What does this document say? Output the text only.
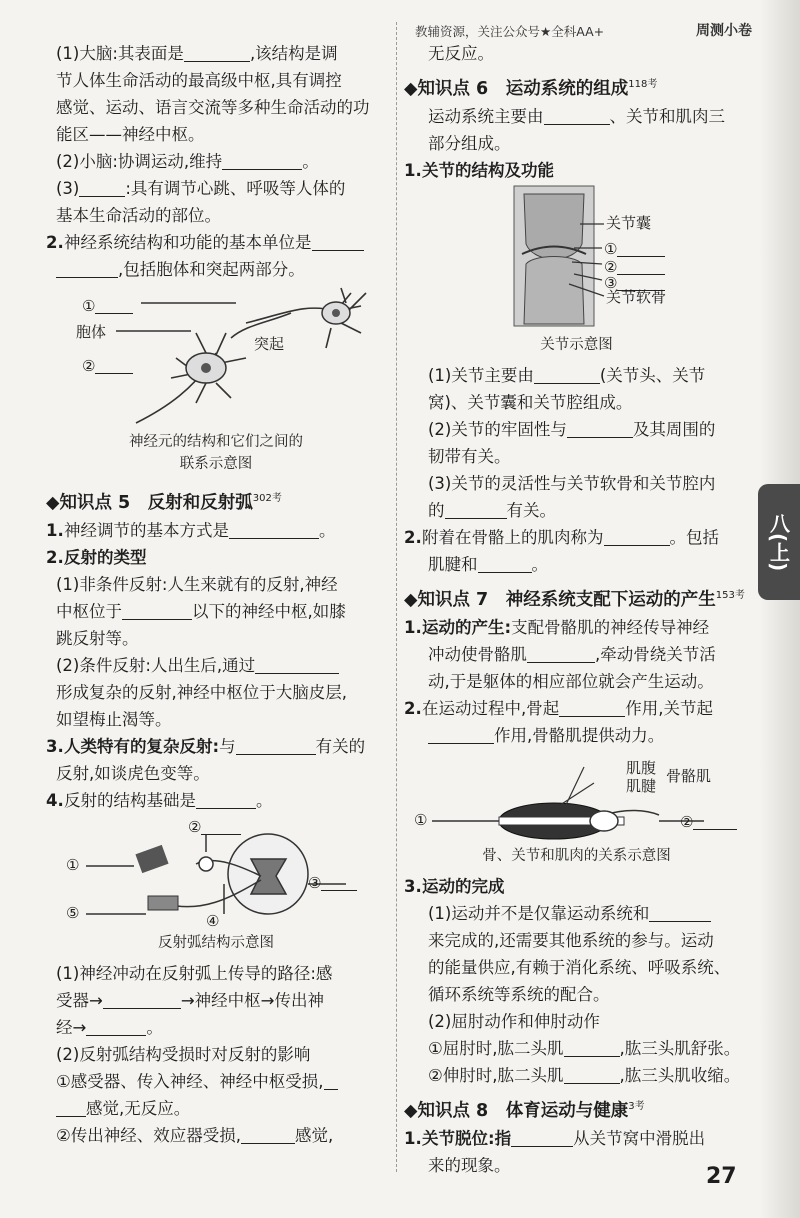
教辅资源，关注公众号★全科AA+	周测小卷
(1)大脑:其表面是	,该结构是调
节人体生命活动的最高级中枢,具有调控
感觉、运动、语言交流等多种生命活动的功
能区——神经中枢。
(2)小脑:协调运动,维持	。
(3)	:具有调节心跳、呼吸等人体的
基本生命活动的部位。
2.神经系统结构和功能的基本单位是
,包括胞体和突起两部分。
①
胞体
②
突起
神经元的结构和它们之间的
联系示意图
◆知识点 5　反射和反射弧$^{302考}$
1.神经调节的基本方式是	。
2.反射的类型
(1)非条件反射:人生来就有的反射,神经
中枢位于	以下的神经中枢,如膝
跳反射等。
(2)条件反射:人出生后,通过
形成复杂的反射,神经中枢位于大脑皮层,
如望梅止渴等。
3.人类特有的复杂反射:与	有关的
反射,如谈虎色变等。
4.反射的结构基础是	。
①
②
③
④
⑤
反射弧结构示意图
(1)神经冲动在反射弧上传导的路径:感
受器→	→神经中枢→传出神
经→	。
(2)反射弧结构受损时对反射的影响
①感受器、传入神经、神经中枢受损,
感觉,无反应。
②传出神经、效应器受损,	感觉,
无反应。
◆知识点 6　运动系统的组成$^{118考}$
运动系统主要由	、关节和肌肉三
部分组成。
1.关节的结构及功能
关节囊
①
②
③
关节软骨
关节示意图
(1)关节主要由	(关节头、关节
窝)、关节囊和关节腔组成。
(2)关节的牢固性与	及其周围的
韧带有关。
(3)关节的灵活性与关节软骨和关节腔内
的	有关。
2.附着在骨骼上的肌肉称为	。包括
肌腱和	。
◆知识点 7　神经系统支配下运动的产生$^{153考}$
1.运动的产生:支配骨骼肌的神经传导神经
冲动使骨骼肌	,牵动骨绕关节活
动,于是躯体的相应部位就会产生运动。
2.在运动过程中,骨起	作用,关节起
作用,骨骼肌提供动力。
肌腹
肌腱
骨骼肌
①	②
骨、关节和肌肉的关系示意图
3.运动的完成
(1)运动并不是仅靠运动系统和
来完成的,还需要其他系统的参与。运动
的能量供应,有赖于消化系统、呼吸系统、
循环系统等系统的配合。
(2)屈肘动作和伸肘动作
①屈肘时,肱二头肌	,肱三头肌舒张。
②伸肘时,肱二头肌	,肱三头肌收缩。
◆知识点 8　体育运动与健康$^{3考}$
1.关节脱位:指	从关节窝中滑脱出
来的现象。
八(上)
27
